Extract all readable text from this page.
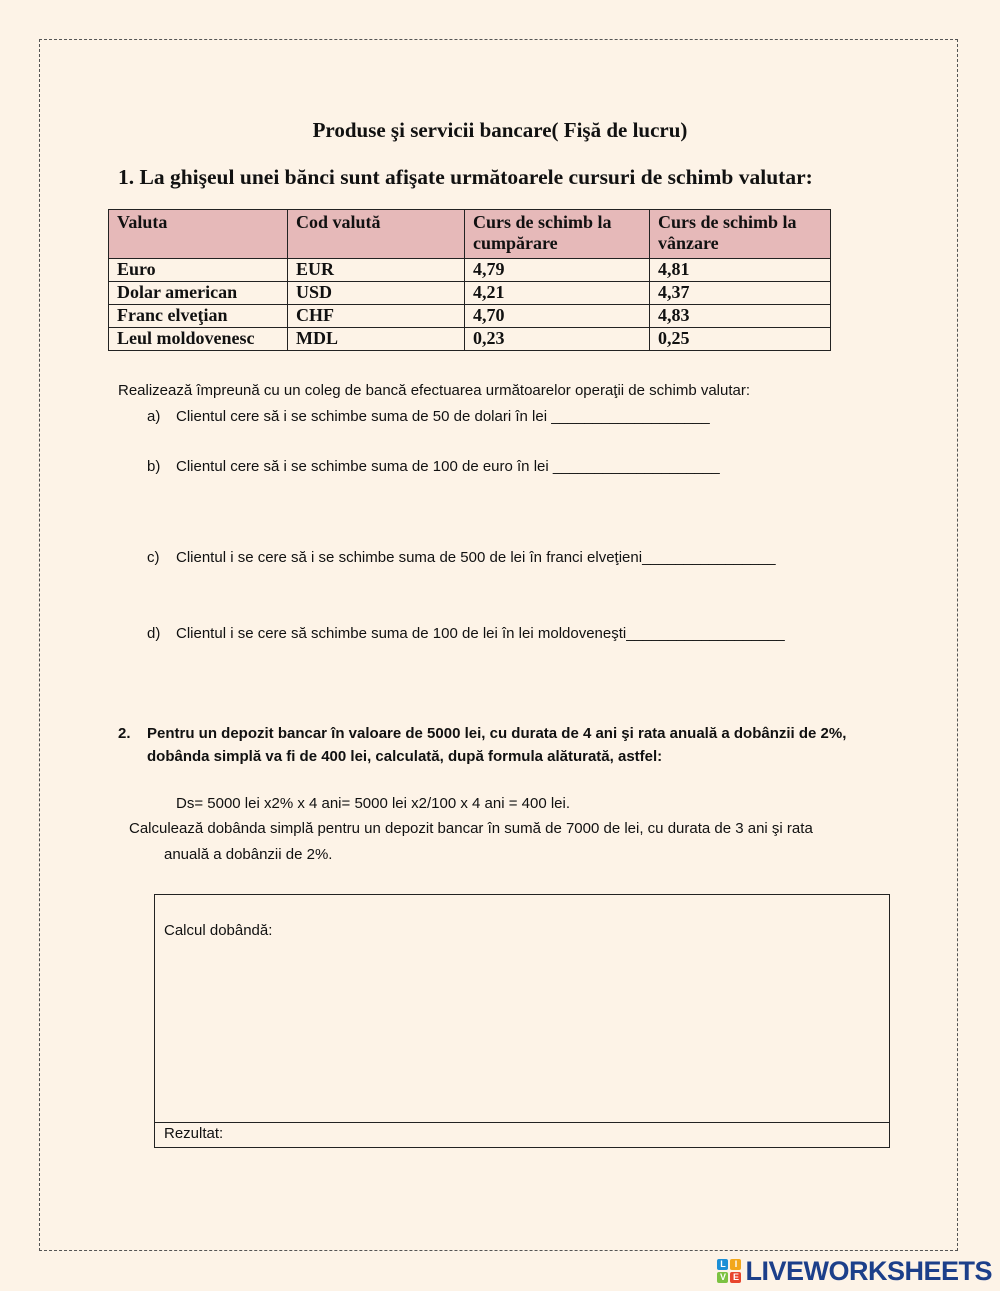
Produse şi servicii bancare( Fişă de lucru)
1. La ghişeul unei bănci sunt afişate următoarele cursuri de schimb valutar:
Valuta	Cod valută	Curs de schimb la cumpărare	Curs de schimb la vânzare
Euro	EUR	4,79	4,81
Dolar american	USD	4,21	4,37
Franc elveţian	CHF	4,70	4,83
Leul moldovenesc	MDL	0,23	0,25
Realizează împreună cu un coleg de bancă efectuarea următoarelor operaţii de schimb valutar:
a) Clientul cere să i se schimbe suma de 50 de dolari în lei ___________________
b) Clientul cere să i se schimbe suma de 100 de euro în lei ____________________
c) Clientul i se cere să i se schimbe suma de 500 de lei în franci elveţieni________________
d) Clientul i se cere să schimbe suma de 100 de lei în lei moldoveneşti___________________
2. Pentru un depozit bancar în valoare de 5000 lei, cu durata de 4 ani şi rata anuală a dobânzii de 2%,
dobânda simplă va fi de 400 lei, calculată, după formula alăturată, astfel:
Ds= 5000 lei x2% x 4 ani= 5000 lei x2/100 x 4 ani = 400 lei.
Calculează dobânda simplă pentru un depozit bancar în sumă de 7000 de lei, cu durata de 3 ani şi rata
anuală a dobânzii de 2%.
Calcul dobândă:
Rezultat:
L I
V E LIVEWORKSHEETS
